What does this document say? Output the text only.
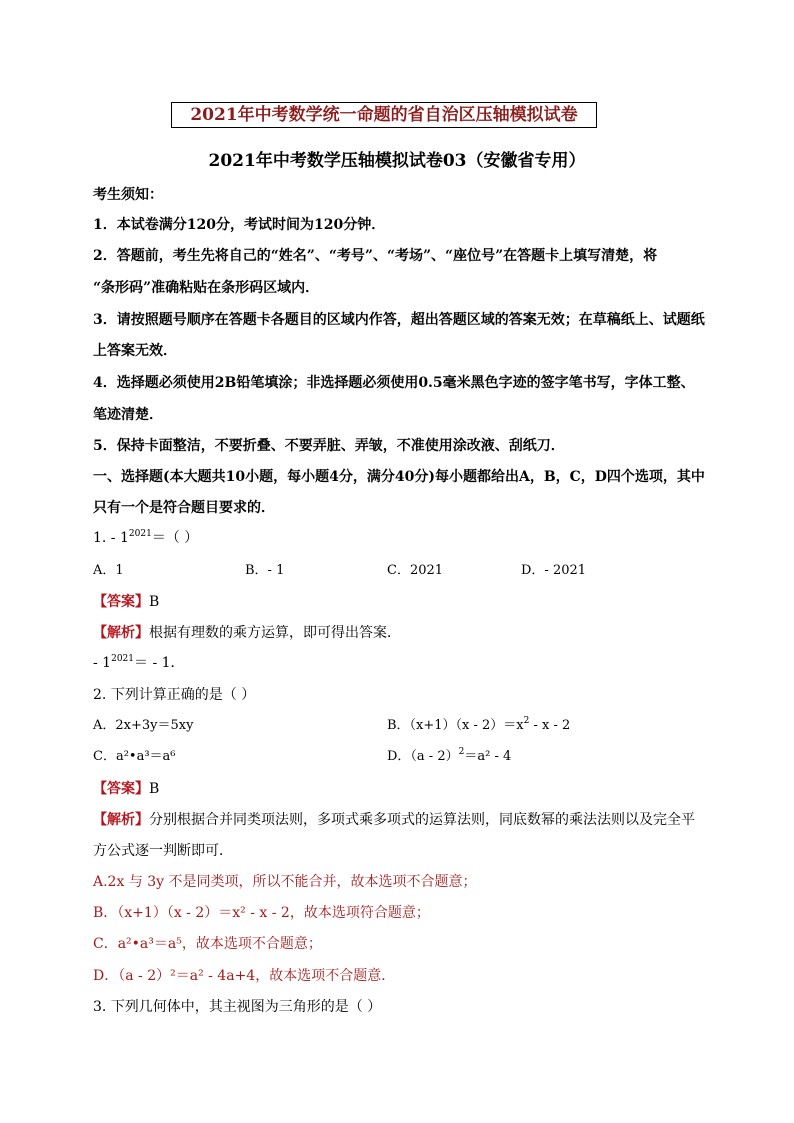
2021年中考数学统一命题的省自治区压轴模拟试卷
2021年中考数学压轴模拟试卷03（安徽省专用）
考生须知：
1．本试卷满分120分，考试时间为120分钟．
2．答题前，考生先将自己的“姓名”、“考号”、“考场”、“座位号”在答题卡上填写清楚，将
“条形码”准确粘贴在条形码区域内．
3．请按照题号顺序在答题卡各题目的区域内作答，超出答题区域的答案无效；在草稿纸上、试题纸
上答案无效．
4．选择题必须使用2B铅笔填涂；非选择题必须使用0.5毫米黑色字迹的签字笔书写，字体工整、
笔迹清楚．
5．保持卡面整洁，不要折叠、不要弄脏、弄皱，不准使用涂改液、刮纸刀．
一、选择题(本大题共10小题，每小题4分，满分40分)每小题都给出A，B，C，D四个选项，其中
只有一个是符合题目要求的．
1. - $1^{2021}=$（ ）
A．1	B．- 1	C．2021	D．- 2021
【答案】B
【解析】根据有理数的乘方运算，即可得出答案．
- $1^{2021}= - 1$．
2. 下列计算正确的是（ ）
A．2x+3y＝5xy	B．$(x+1)(x - 2)=x^2 - x - 2$
C．a²•a³＝a⁶	D．（a - 2）$^2$＝a² - 4
【答案】B
【解析】分别根据合并同类项法则，多项式乘多项式的运算法则，同底数幂的乘法法则以及完全平
方公式逐一判断即可．
A.2x 与 3y 不是同类项，所以不能合并，故本选项不合题意；
B．（x+1）（x - 2）＝x² - x - 2，故本选项符合题意；
C．a²•a³＝a⁵，故本选项不合题意；
D．（a - 2）²＝a² - 4a+4，故本选项不合题意．
3. 下列几何体中，其主视图为三角形的是（ ）
